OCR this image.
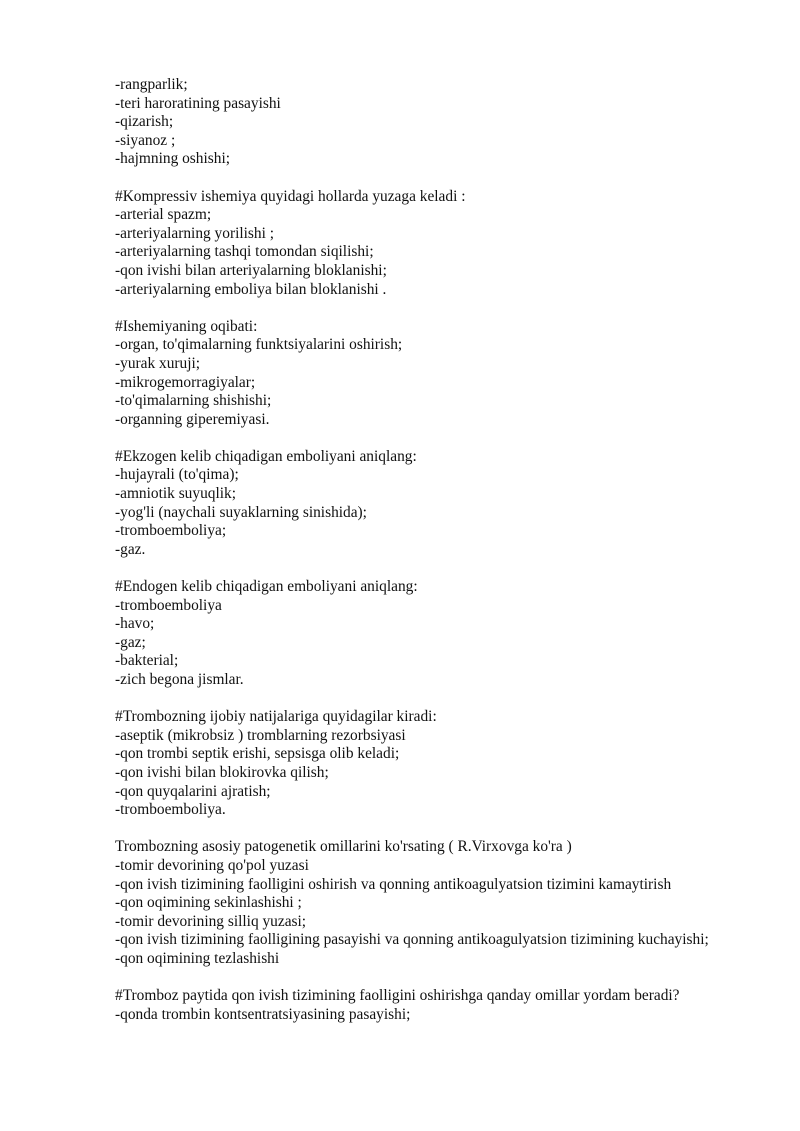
-rangparlik;
-teri haroratining pasayishi
-qizarish;
-siyanoz ;
-hajmning oshishi;
#Kompressiv ishemiya quyidagi hollarda yuzaga keladi :
-arterial spazm;
-arteriyalarning yorilishi ;
-arteriyalarning tashqi tomondan siqilishi;
-qon ivishi bilan arteriyalarning bloklanishi;
-arteriyalarning emboliya bilan bloklanishi .
#Ishemiyaning oqibati:
-organ, to'qimalarning funktsiyalarini oshirish;
-yurak xuruji;
-mikrogemorragiyalar;
-to'qimalarning shishishi;
-organning giperemiyasi.
#Ekzogen kelib chiqadigan emboliyani aniqlang:
-hujayrali (to'qima);
-amniotik suyuqlik;
-yog'li (naychali suyaklarning sinishida);
-tromboemboliya;
-gaz.
#Endogen kelib chiqadigan emboliyani aniqlang:
-tromboemboliya
-havo;
-gaz;
-bakterial;
-zich begona jismlar.
#Trombozning ijobiy natijalariga quyidagilar kiradi:
-aseptik (mikrobsiz ) tromblarning rezorbsiyasi
-qon trombi septik erishi, sepsisga olib keladi;
-qon ivishi bilan blokirovka qilish;
-qon quyqalarini ajratish;
-tromboemboliya.
Trombozning asosiy patogenetik omillarini ko'rsating ( R.Virxovga ko'ra )
-tomir devorining qo'pol yuzasi
-qon ivish tizimining faolligini oshirish va qonning antikoagulyatsion tizimini kamaytirish
-qon oqimining sekinlashishi ;
-tomir devorining silliq yuzasi;
-qon ivish tizimining faolligining pasayishi va qonning antikoagulyatsion tizimining kuchayishi;
-qon oqimining tezlashishi
#Tromboz paytida qon ivish tizimining faolligini oshirishga qanday omillar yordam beradi?
-qonda trombin kontsentratsiyasining pasayishi;
